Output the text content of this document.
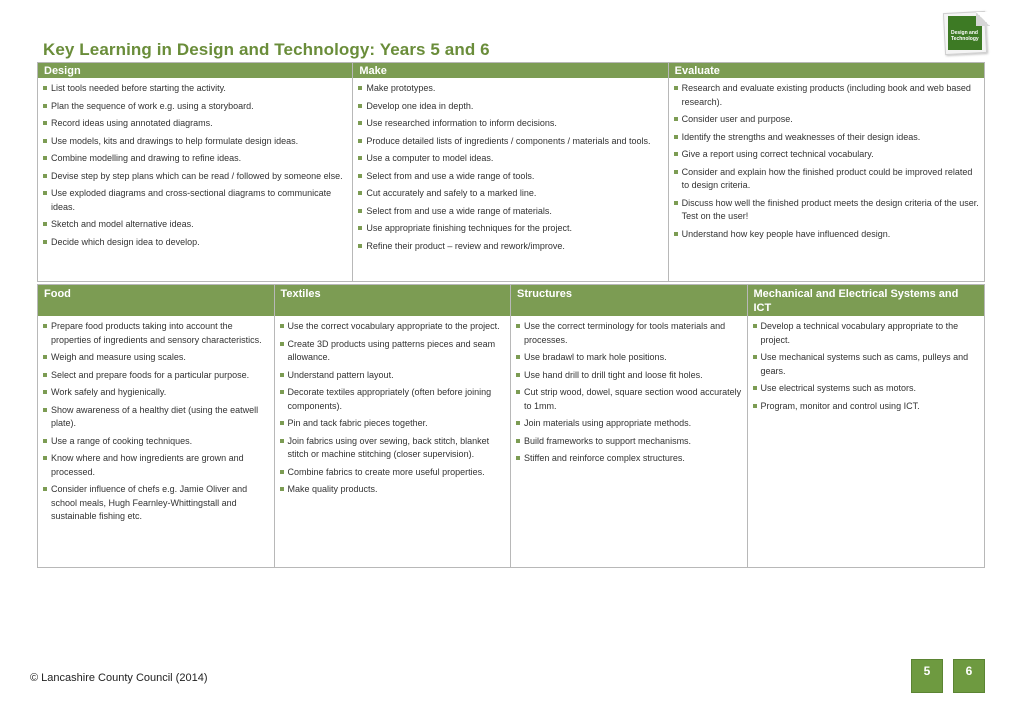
Key Learning in Design and Technology: Years 5 and 6
Design and
Technology
Design
List tools needed before starting the activity.
Plan the sequence of work e.g. using a storyboard.
Record ideas using annotated diagrams.
Use models, kits and drawings to help formulate design ideas.
Combine modelling and drawing to refine ideas.
Devise step by step plans which can be read / followed by someone else.
Use exploded diagrams and cross-sectional diagrams to communicate ideas.
Sketch and model alternative ideas.
Decide which design idea to develop.
Make
Make prototypes.
Develop one idea in depth.
Use researched information to inform decisions.
Produce detailed lists of ingredients / components / materials and tools.
Use a computer to model ideas.
Select from and use a wide range of tools.
Cut accurately and safely to a marked line.
Select from and use a wide range of materials.
Use appropriate finishing techniques for the project.
Refine their product – review and rework/improve.
Evaluate
Research and evaluate existing products (including book and web based research).
Consider user and purpose.
Identify the strengths and weaknesses of their design ideas.
Give a report using correct technical vocabulary.
Consider and explain how the finished product could be improved related to design criteria.
Discuss how well the finished product meets the design criteria of the user. Test on the user!
Understand how key people have influenced design.
Food
Prepare food products taking into account the properties of ingredients and sensory characteristics.
Weigh and measure using scales.
Select and prepare foods for a particular purpose.
Work safely and hygienically.
Show awareness of a healthy diet (using the eatwell plate).
Use a range of cooking techniques.
Know where and how ingredients are grown and processed.
Consider influence of chefs e.g. Jamie Oliver and school meals, Hugh Fearnley-Whittingstall and sustainable fishing etc.
Textiles
Use the correct vocabulary appropriate to the project.
Create 3D products using patterns pieces and seam allowance.
Understand pattern layout.
Decorate textiles appropriately (often before joining components).
Pin and tack fabric pieces together.
Join fabrics using over sewing, back stitch, blanket stitch or machine stitching (closer supervision).
Combine fabrics to create more useful properties.
Make quality products.
Structures
Use the correct terminology for tools materials and processes.
Use bradawl to mark hole positions.
Use hand drill to drill tight and loose fit holes.
Cut strip wood, dowel, square section wood accurately to 1mm.
Join materials using appropriate methods.
Build frameworks to support mechanisms.
Stiffen and reinforce complex structures.
Mechanical and Electrical Systems and ICT
Develop a technical vocabulary appropriate to the project.
Use mechanical systems such as cams, pulleys and gears.
Use electrical systems such as motors.
Program, monitor and control using ICT.
© Lancashire County Council (2014)	5	6
